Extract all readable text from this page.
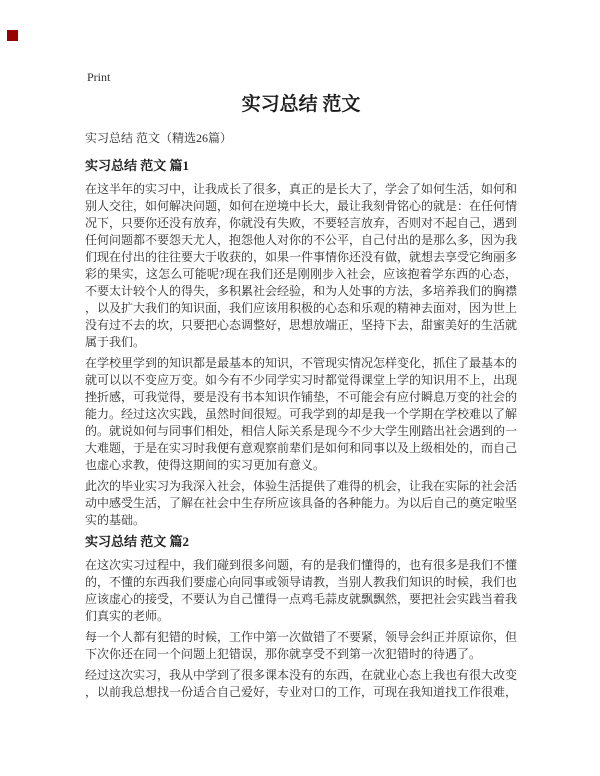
Print
实习总结 范文

实习总结 范文（精选26篇）

实习总结 范文 篇1

在这半年的实习中，让我成长了很多，真正的是长大了，学会了如何生活，如何和别人交往，如何解决问题，如何在逆境中长大，最让我刻骨铭心的就是：在任何情况下，只要你还没有放弃，你就没有失败，不要轻言放弃，否则对不起自己，遇到任何问题都不要怨天尤人，抱怨他人对你的不公平，自己付出的是那么多，因为我们现在付出的往往要大于收获的，如果一件事情你还没有做，就想去享受它绚丽多彩的果实，这怎么可能呢?现在我们还是刚刚步入社会，应该抱着学东西的心态，不要太计较个人的得失，多积累社会经验，和为人处事的方法，多培养我们的胸襟，以及扩大我们的知识面，我们应该用积极的心态和乐观的精神去面对，因为世上没有过不去的坎，只要把心态调整好，思想放端正，坚持下去，甜蜜美好的生活就属于我们。

在学校里学到的知识都是最基本的知识，不管现实情况怎样变化，抓住了最基本的就可以以不变应万变。如今有不少同学实习时都觉得课堂上学的知识用不上，出现挫折感，可我觉得，要是没有书本知识作铺垫，不可能会有应付瞬息万变的社会的能力。经过这次实践，虽然时间很短。可我学到的却是我一个学期在学校难以了解的。就说如何与同事们相处，相信人际关系是现今不少大学生刚踏出社会遇到的一大难题，于是在实习时我便有意观察前辈们是如何和同事以及上级相处的，而自己也虚心求教，使得这期间的实习更加有意义。

此次的毕业实习为我深入社会，体验生活提供了难得的机会，让我在实际的社会活动中感受生活，了解在社会中生存所应该具备的各种能力。为以后自己的奠定啦坚实的基础。

实习总结 范文 篇2

在这次实习过程中，我们碰到很多问题，有的是我们懂得的，也有很多是我们不懂的，不懂的东西我们要虚心向同事或领导请教，当别人教我们知识的时候，我们也应该虚心的接受，不要认为自己懂得一点鸡毛蒜皮就飘飘然，要把社会实践当着我们真实的老师。

每一个人都有犯错的时候，工作中第一次做错了不要紧，领导会纠正并原谅你，但下次你还在同一个问题上犯错误，那你就享受不到第一次犯错时的待遇了。

经过这次实习，我从中学到了很多课本没有的东西，在就业心态上我也有很大改变，以前我总想找一份适合自己爱好，专业对口的工作，可现在我知道找工作很难，
